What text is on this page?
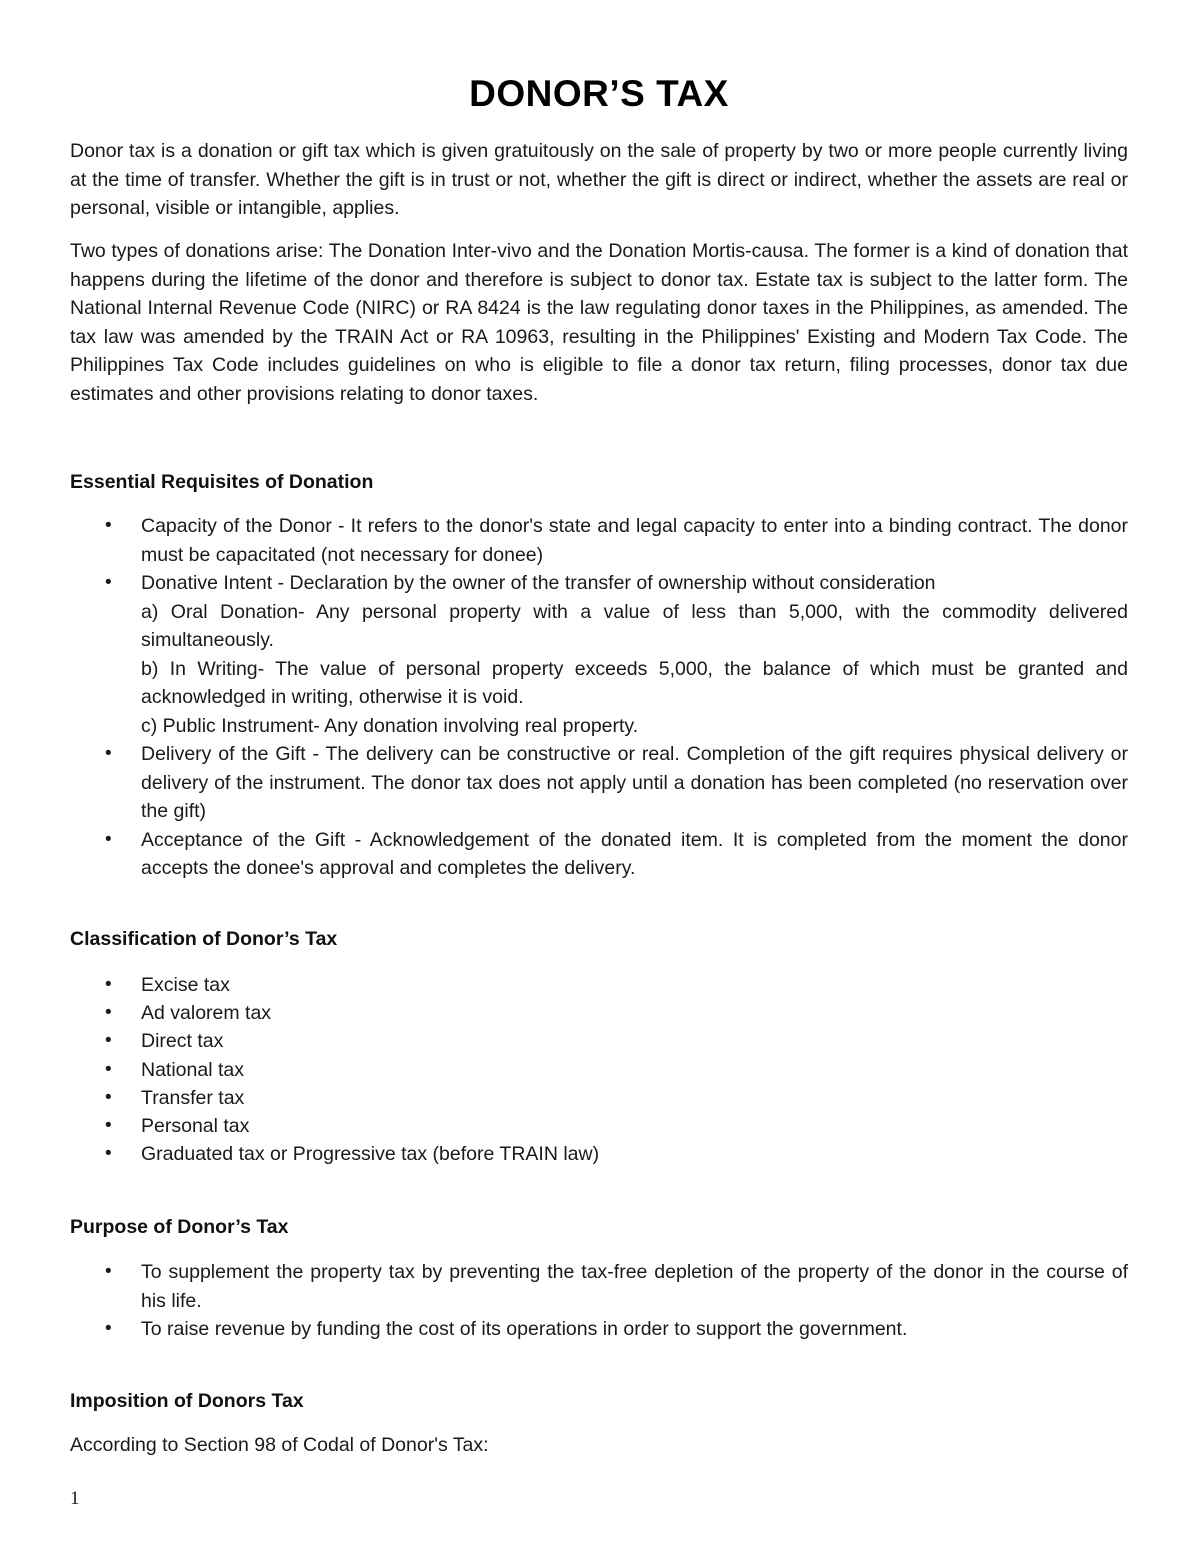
DONOR’S TAX

Donor tax is a donation or gift tax which is given gratuitously on the sale of property by two or more people currently living at the time of transfer. Whether the gift is in trust or not, whether the gift is direct or indirect, whether the assets are real or personal, visible or intangible, applies.

Two types of donations arise: The Donation Inter-vivo and the Donation Mortis-causa. The former is a kind of donation that happens during the lifetime of the donor and therefore is subject to donor tax. Estate tax is subject to the latter form. The National Internal Revenue Code (NIRC) or RA 8424 is the law regulating donor taxes in the Philippines, as amended. The tax law was amended by the TRAIN Act or RA 10963, resulting in the Philippines' Existing and Modern Tax Code. The Philippines Tax Code includes guidelines on who is eligible to file a donor tax return, filing processes, donor tax due estimates and other provisions relating to donor taxes.

Essential Requisites of Donation
• Capacity of the Donor - It refers to the donor's state and legal capacity to enter into a binding contract. The donor must be capacitated (not necessary for donee)
• Donative Intent - Declaration by the owner of the transfer of ownership without consideration
a) Oral Donation- Any personal property with a value of less than 5,000, with the commodity delivered simultaneously.
b) In Writing- The value of personal property exceeds 5,000, the balance of which must be granted and acknowledged in writing, otherwise it is void.
c) Public Instrument- Any donation involving real property.
• Delivery of the Gift - The delivery can be constructive or real. Completion of the gift requires physical delivery or delivery of the instrument. The donor tax does not apply until a donation has been completed (no reservation over the gift)
• Acceptance of the Gift - Acknowledgement of the donated item. It is completed from the moment the donor accepts the donee's approval and completes the delivery.
Classification of Donor’s Tax
• Excise tax
• Ad valorem tax
• Direct tax
• National tax
• Transfer tax
• Personal tax
• Graduated tax or Progressive tax (before TRAIN law)
Purpose of Donor’s Tax
• To supplement the property tax by preventing the tax-free depletion of the property of the donor in the course of his life.
• To raise revenue by funding the cost of its operations in order to support the government.
Imposition of Donors Tax

According to Section 98 of Codal of Donor's Tax:

1
